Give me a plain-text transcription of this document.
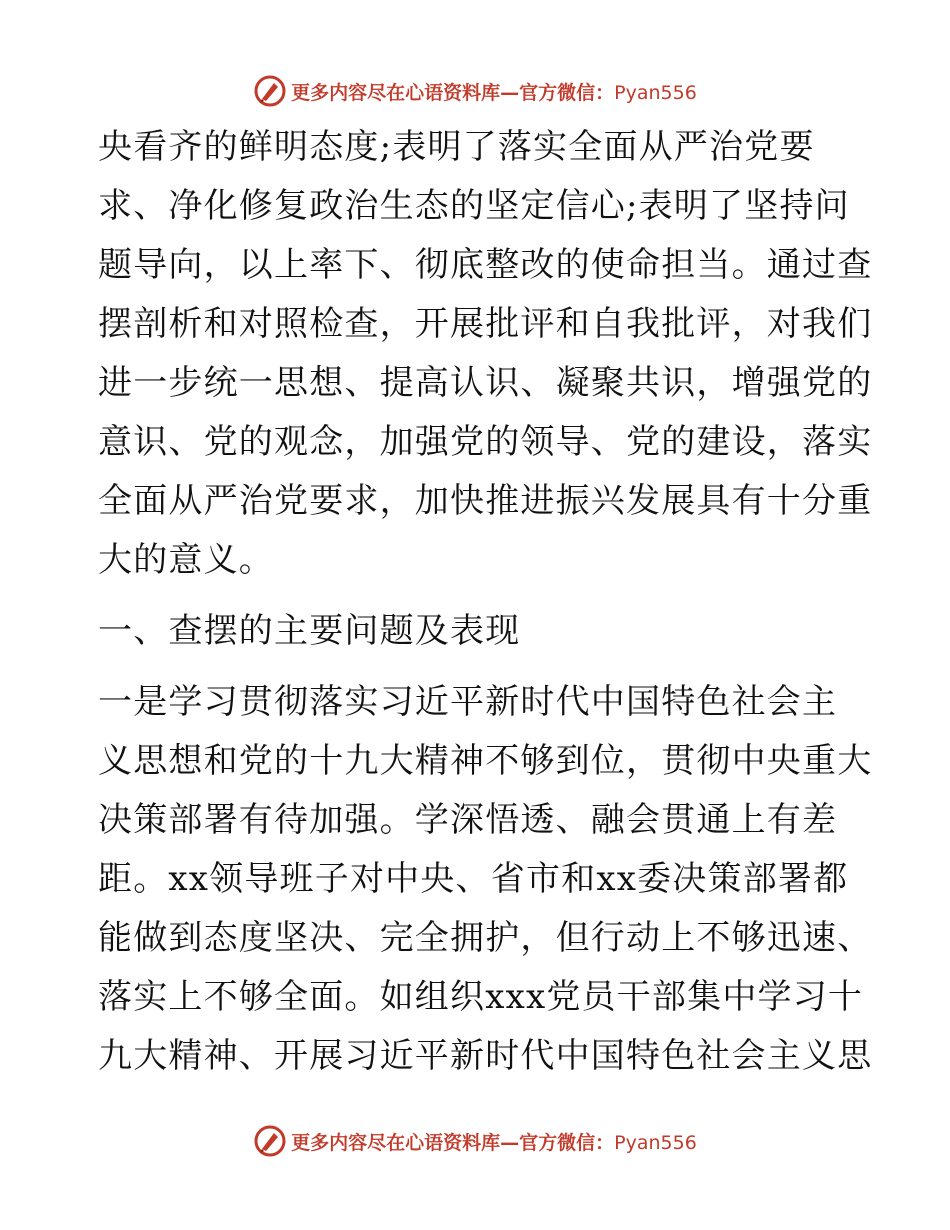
更多内容尽在心语资料库—官方微信：Pyan556
央看齐的鲜明态度;表明了落实全面从严治党要
求、净化修复政治生态的坚定信心;表明了坚持问
题导向，以上率下、彻底整改的使命担当。通过查
摆剖析和对照检查，开展批评和自我批评，对我们
进一步统一思想、提高认识、凝聚共识，增强党的
意识、党的观念，加强党的领导、党的建设，落实
全面从严治党要求，加快推进振兴发展具有十分重
大的意义。
一、查摆的主要问题及表现
一是学习贯彻落实习近平新时代中国特色社会主
义思想和党的十九大精神不够到位，贯彻中央重大
决策部署有待加强。学深悟透、融会贯通上有差
距。xx领导班子对中央、省市和xx委决策部署都
能做到态度坚决、完全拥护，但行动上不够迅速、
落实上不够全面。如组织xxx党员干部集中学习十
九大精神、开展习近平新时代中国特色社会主义思
更多内容尽在心语资料库—官方微信：Pyan556
